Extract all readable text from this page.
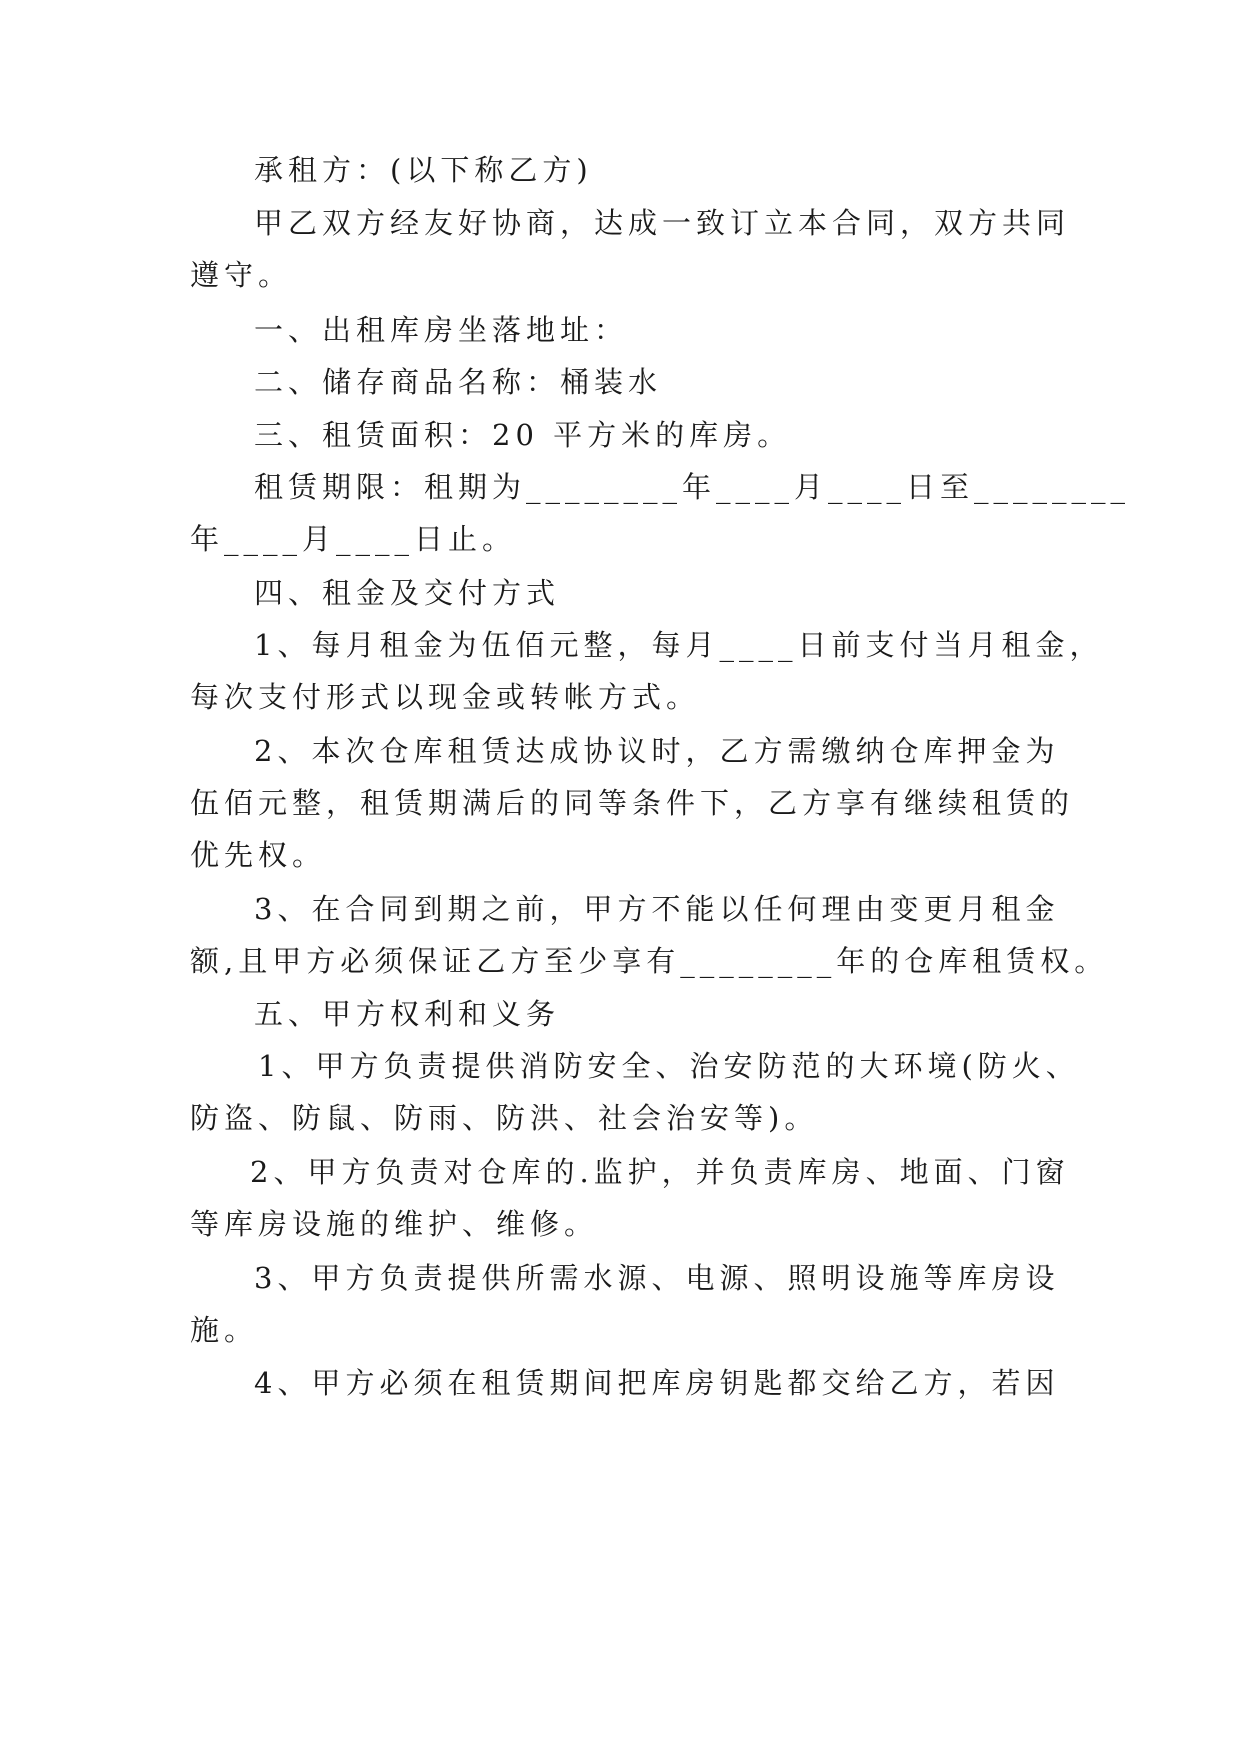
承租方：(以下称乙方)
甲乙双方经友好协商，达成一致订立本合同，双方共同
遵守。
一、出租库房坐落地址：
二、储存商品名称：桶装水
三、租赁面积：20 平方米的库房。
租赁期限：租期为________年____月____日至________
年____月____日止。
四、租金及交付方式
1、每月租金为伍佰元整，每月____日前支付当月租金，
每次支付形式以现金或转帐方式。
2、本次仓库租赁达成协议时，乙方需缴纳仓库押金为
伍佰元整，租赁期满后的同等条件下，乙方享有继续租赁的
优先权。
3、在合同到期之前，甲方不能以任何理由变更月租金
额,且甲方必须保证乙方至少享有________年的仓库租赁权。
五、甲方权利和义务
1、甲方负责提供消防安全、治安防范的大环境(防火、
防盗、防鼠、防雨、防洪、社会治安等)。
2、甲方负责对仓库的.监护，并负责库房、地面、门窗
等库房设施的维护、维修。
3、甲方负责提供所需水源、电源、照明设施等库房设
施。
4、甲方必须在租赁期间把库房钥匙都交给乙方，若因
